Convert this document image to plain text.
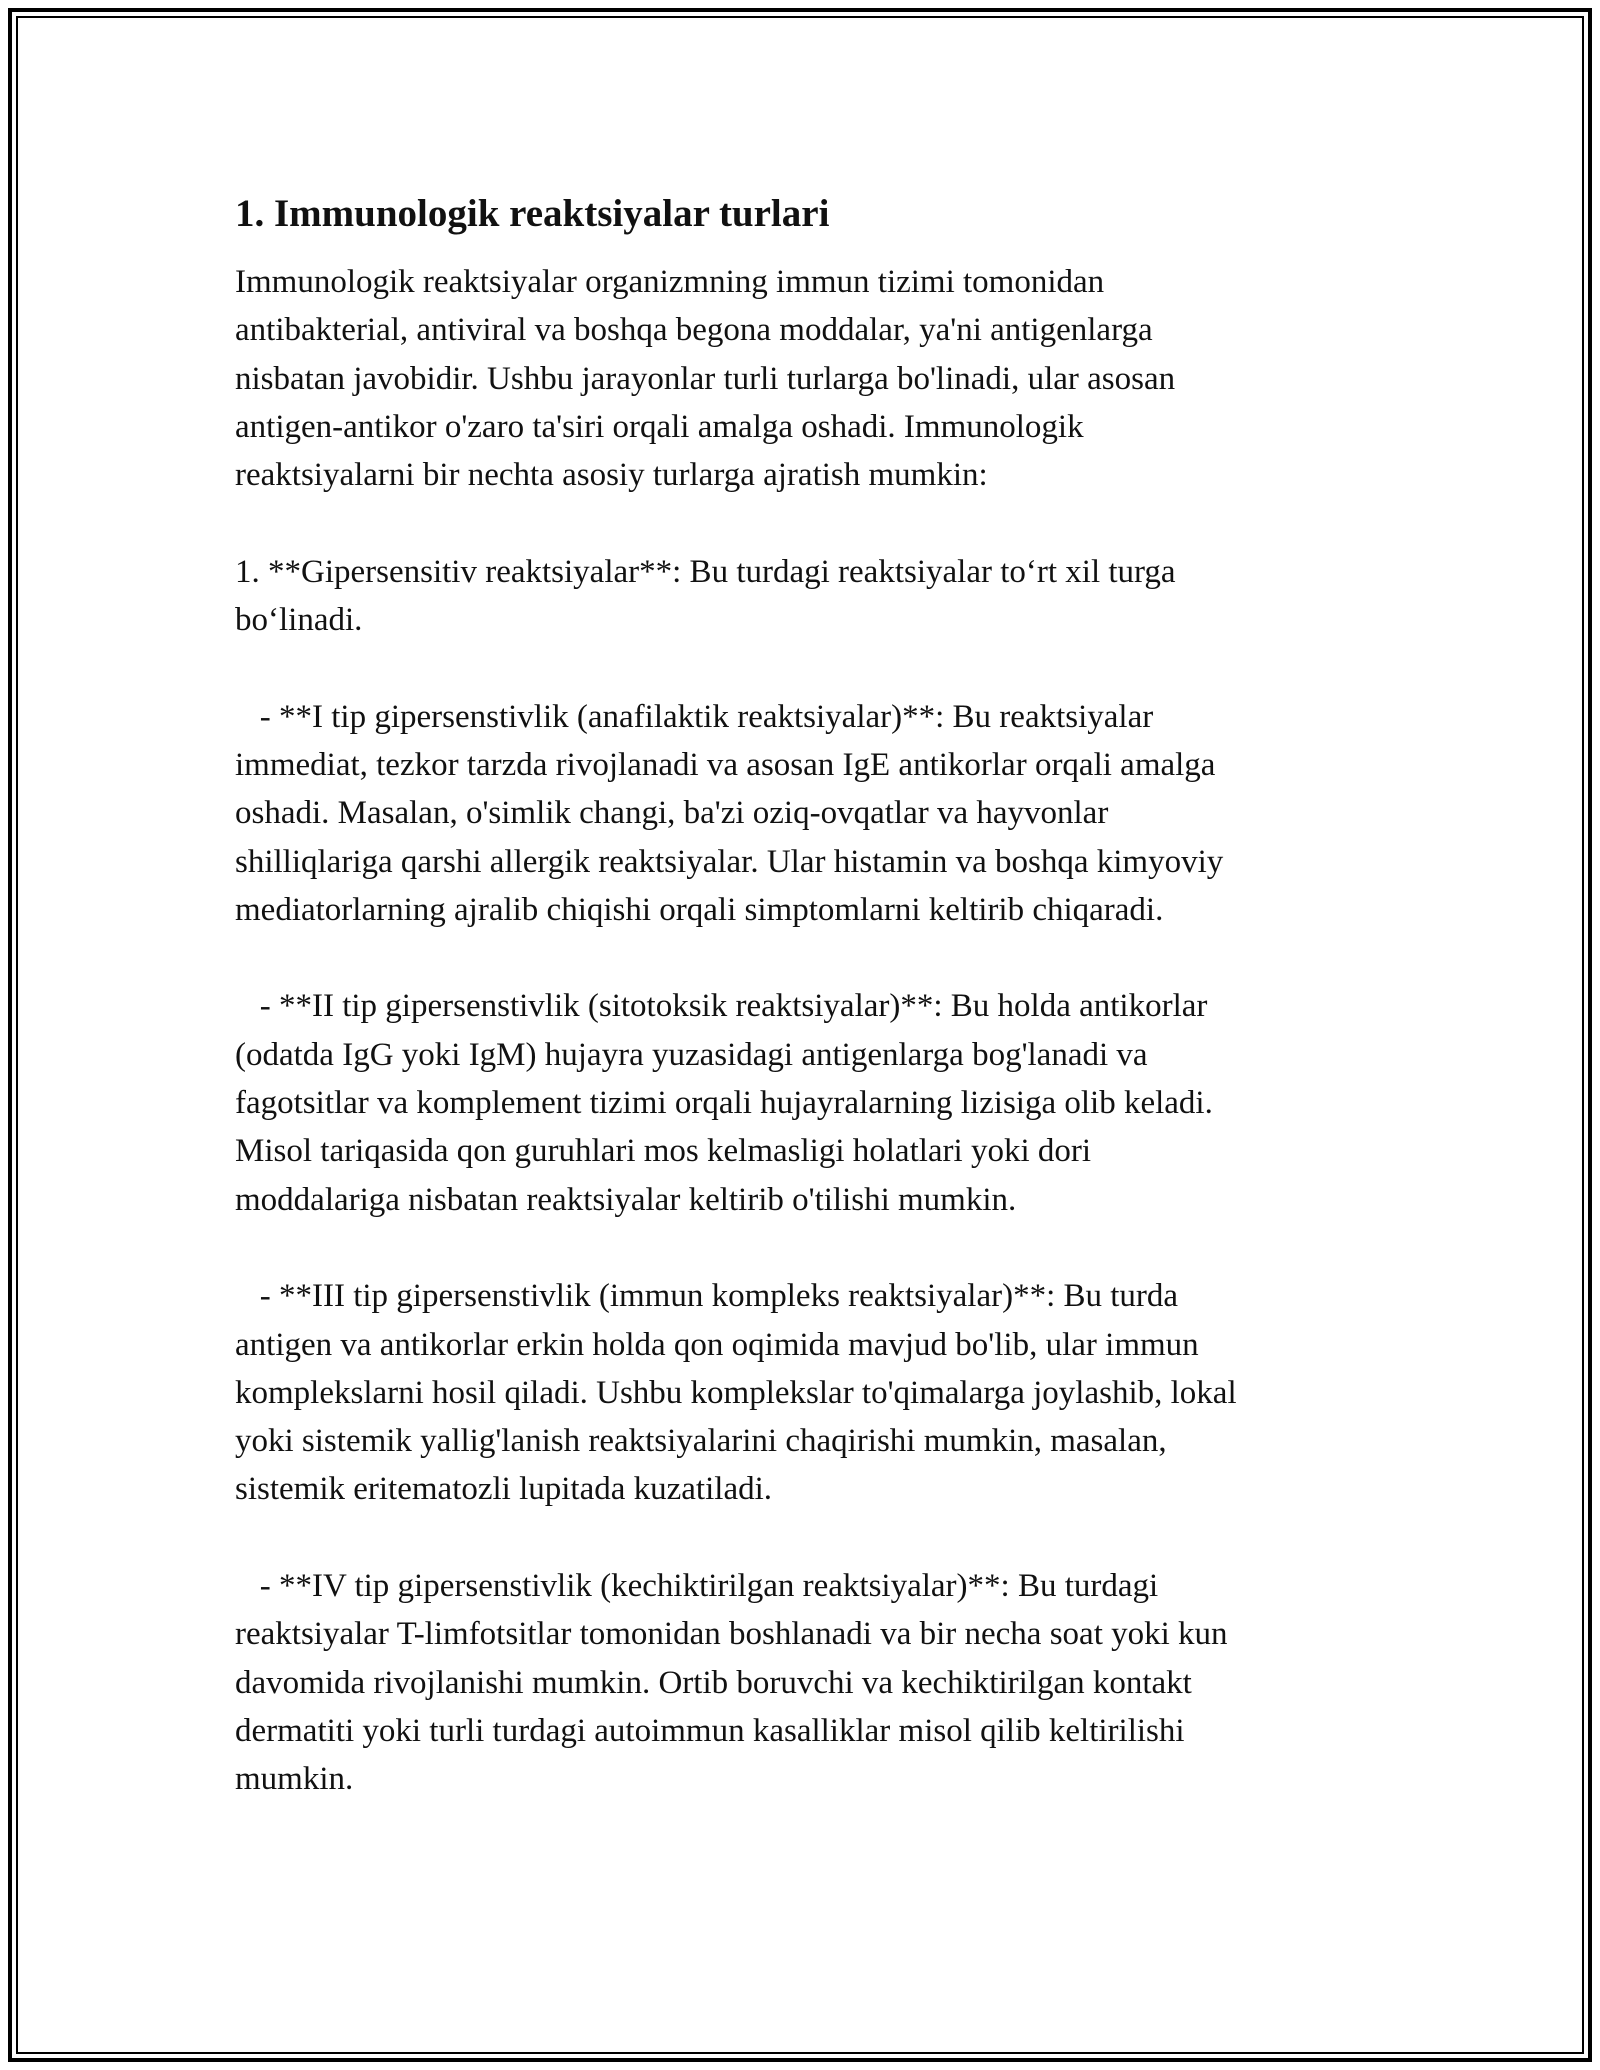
1. Immunologik reaktsiyalar turlari

Immunologik reaktsiyalar organizmning immun tizimi tomonidan
antibakterial, antiviral va boshqa begona moddalar, ya'ni antigenlarga
nisbatan javobidir. Ushbu jarayonlar turli turlarga bo'linadi, ular asosan
antigen-antikor o'zaro ta'siri orqali amalga oshadi. Immunologik
reaktsiyalarni bir nechta asosiy turlarga ajratish mumkin:

1. **Gipersensitiv reaktsiyalar**: Bu turdagi reaktsiyalar to‘rt xil turga
bo‘linadi.

- **I tip gipersenstivlik (anafilaktik reaktsiyalar)**: Bu reaktsiyalar
immediat, tezkor tarzda rivojlanadi va asosan IgE antikorlar orqali amalga
oshadi. Masalan, o'simlik changi, ba'zi oziq-ovqatlar va hayvonlar
shilliqlariga qarshi allergik reaktsiyalar. Ular histamin va boshqa kimyoviy
mediatorlarning ajralib chiqishi orqali simptomlarni keltirib chiqaradi.

- **II tip gipersenstivlik (sitotoksik reaktsiyalar)**: Bu holda antikorlar
(odatda IgG yoki IgM) hujayra yuzasidagi antigenlarga bog'lanadi va
fagotsitlar va komplement tizimi orqali hujayralarning lizisiga olib keladi.
Misol tariqasida qon guruhlari mos kelmasligi holatlari yoki dori
moddalariga nisbatan reaktsiyalar keltirib o'tilishi mumkin.

- **III tip gipersenstivlik (immun kompleks reaktsiyalar)**: Bu turda
antigen va antikorlar erkin holda qon oqimida mavjud bo'lib, ular immun
komplekslarni hosil qiladi. Ushbu komplekslar to'qimalarga joylashib, lokal
yoki sistemik yallig'lanish reaktsiyalarini chaqirishi mumkin, masalan,
sistemik eritematozli lupitada kuzatiladi.

- **IV tip gipersenstivlik (kechiktirilgan reaktsiyalar)**: Bu turdagi
reaktsiyalar T-limfotsitlar tomonidan boshlanadi va bir necha soat yoki kun
davomida rivojlanishi mumkin. Ortib boruvchi va kechiktirilgan kontakt
dermatiti yoki turli turdagi autoimmun kasalliklar misol qilib keltirilishi
mumkin.
